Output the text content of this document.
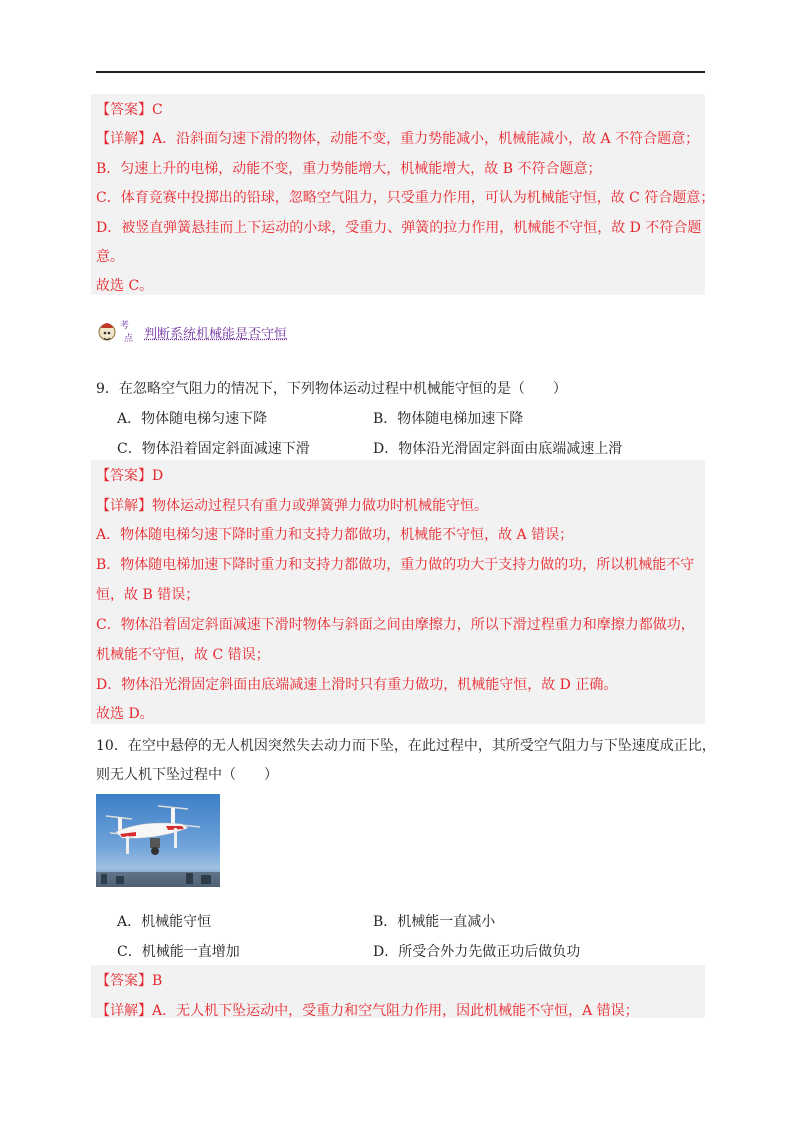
【答案】C
【详解】A．沿斜面匀速下滑的物体，动能不变，重力势能减小，机械能减小，故 A 不符合题意；
B．匀速上升的电梯，动能不变，重力势能增大，机械能增大，故 B 不符合题意；
C．体育竞赛中投掷出的铅球，忽略空气阻力，只受重力作用，可认为机械能守恒，故 C 符合题意；
D．被竖直弹簧悬挂而上下运动的小球，受重力、弹簧的拉力作用，机械能不守恒，故 D 不符合题
意。
故选 C。
考
点 判断系统机械能是否守恒
9．在忽略空气阻力的情况下，下列物体运动过程中机械能守恒的是（　　）
A．物体随电梯匀速下降	B．物体随电梯加速下降
C．物体沿着固定斜面减速下滑	D．物体沿光滑固定斜面由底端减速上滑
【答案】D
【详解】物体运动过程只有重力或弹簧弹力做功时机械能守恒。
A．物体随电梯匀速下降时重力和支持力都做功，机械能不守恒，故 A 错误；
B．物体随电梯加速下降时重力和支持力都做功，重力做的功大于支持力做的功，所以机械能不守
恒，故 B 错误；
C．物体沿着固定斜面减速下滑时物体与斜面之间由摩擦力，所以下滑过程重力和摩擦力都做功，
机械能不守恒，故 C 错误；
D．物体沿光滑固定斜面由底端减速上滑时只有重力做功，机械能守恒，故 D 正确。
故选 D。
10．在空中悬停的无人机因突然失去动力而下坠，在此过程中，其所受空气阻力与下坠速度成正比，
则无人机下坠过程中（　　）
A．机械能守恒	B．机械能一直减小
C．机械能一直增加	D．所受合外力先做正功后做负功
【答案】B
【详解】A．无人机下坠运动中，受重力和空气阻力作用，因此机械能不守恒，A 错误；
